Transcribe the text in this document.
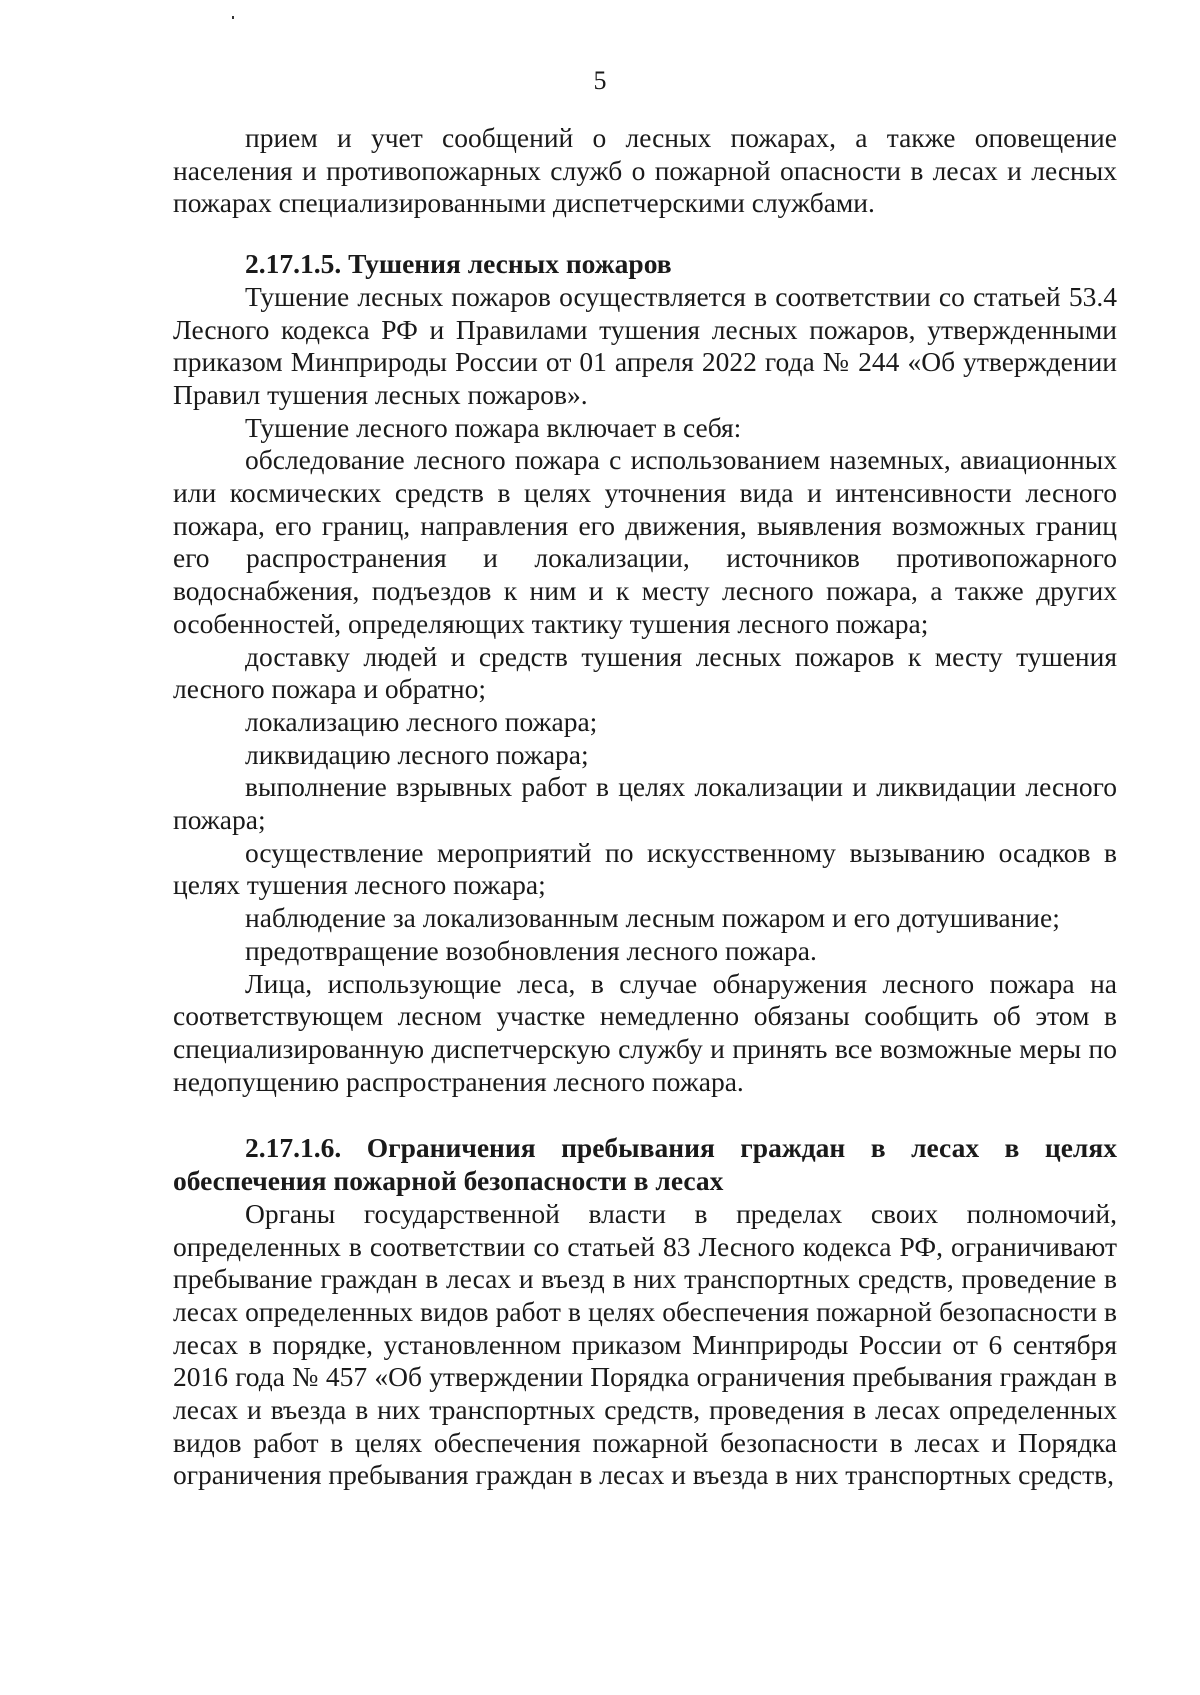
5

прием и учет сообщений о лесных пожарах, а также оповещение населения и противопожарных служб о пожарной опасности в лесах и лесных пожарах специализированными диспетчерскими службами.

2.17.1.5. Тушения лесных пожаров

Тушение лесных пожаров осуществляется в соответствии со статьей 53.4 Лесного кодекса РФ и Правилами тушения лесных пожаров, утвержденными приказом Минприроды России от 01 апреля 2022 года № 244 «Об утверждении Правил тушения лесных пожаров».

Тушение лесного пожара включает в себя:

обследование лесного пожара с использованием наземных, авиационных или космических средств в целях уточнения вида и интенсивности лесного пожара, его границ, направления его движения, выявления возможных границ его распространения и локализации, источников противопожарного водоснабжения, подъездов к ним и к месту лесного пожара, а также других особенностей, определяющих тактику тушения лесного пожара;

доставку людей и средств тушения лесных пожаров к месту тушения лесного пожара и обратно;

локализацию лесного пожара;

ликвидацию лесного пожара;

выполнение взрывных работ в целях локализации и ликвидации лесного пожара;

осуществление мероприятий по искусственному вызыванию осадков в целях тушения лесного пожара;

наблюдение за локализованным лесным пожаром и его дотушивание;

предотвращение возобновления лесного пожара.

Лица, использующие леса, в случае обнаружения лесного пожара на соответствующем лесном участке немедленно обязаны сообщить об этом в специализированную диспетчерскую службу и принять все возможные меры по недопущению распространения лесного пожара.

2.17.1.6. Ограничения пребывания граждан в лесах в целях обеспечения пожарной безопасности в лесах

Органы государственной власти в пределах своих полномочий, определенных в соответствии со статьей 83 Лесного кодекса РФ, ограничивают пребывание граждан в лесах и въезд в них транспортных средств, проведение в лесах определенных видов работ в целях обеспечения пожарной безопасности в лесах в порядке, установленном приказом Минприроды России от 6 сентября 2016 года № 457 «Об утверждении Порядка ограничения пребывания граждан в лесах и въезда в них транспортных средств, проведения в лесах определенных видов работ в целях обеспечения пожарной безопасности в лесах и Порядка ограничения пребывания граждан в лесах и въезда в них транспортных средств,
